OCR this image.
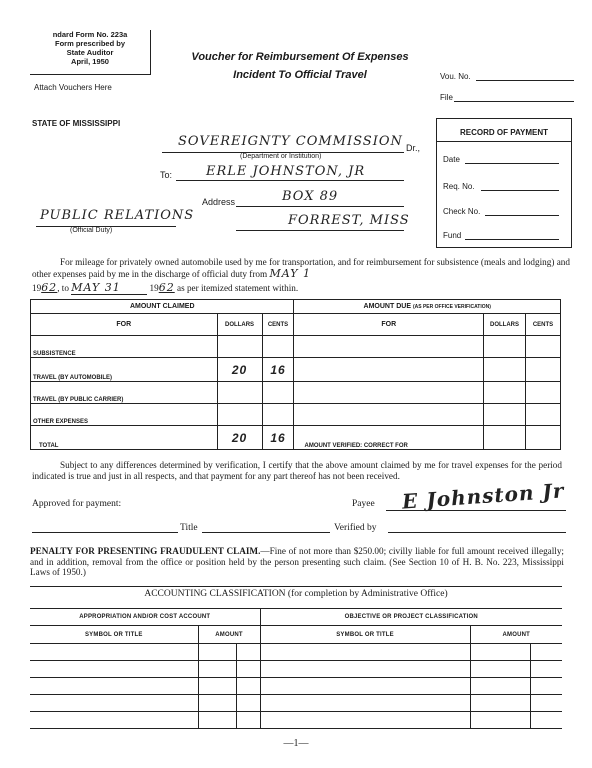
ndard Form No. 223a
Form prescribed by
State Auditor
April, 1950
Attach Vouchers Here
Voucher for Reimbursement Of Expenses
Incident To Official Travel	Vou. No.
File
STATE OF MISSISSIPPI
SOVEREIGNTY COMMISSION Dr.,
(Department or Institution)
To:	ERLE JOHNSTON, JR
Address	BOX 89
FORREST, MISS
PUBLIC RELATIONS
(Official Duty)
RECORD OF PAYMENT
Date
Req. No.
Check No.
Fund
For mileage for privately owned automobile used by me for transportation, and for reimbursement for subsistence (meals and lodging) and other expenses paid by me in the discharge of official duty from MAY 1
1962, to MAY 31	1962 as per itemized statement within.
AMOUNT CLAIMED			AMOUNT DUE (AS PER OFFICE VERIFICATION)		
FOR	DOLLARS	CENTS	FOR	DOLLARS	CENTS
SUBSISTENCE					
TRAVEL (BY AUTOMOBILE)	20	16			
TRAVEL (BY PUBLIC CARRIER)					
OTHER EXPENSES					
TOTAL	20	16	AMOUNT VERIFIED: CORRECT FOR		
Subject to any differences determined by verification, I certify that the above amount claimed by me for travel expenses for the period indicated is true and just in all respects, and that payment for any part thereof has not been received.
Approved for payment:	Payee E Johnston Jr
Title	Verified by
PENALTY FOR PRESENTING FRAUDULENT CLAIM.—Fine of not more than $250.00; civilly liable for full amount received illegally; and in addition, removal from the office or position held by the person presenting such claim. (See Section 10 of H. B. No. 223, Mississippi Laws of 1950.)
ACCOUNTING CLASSIFICATION (for completion by Administrative Office)
APPROPRIATION AND/OR COST ACCOUNT			OBJECTIVE OR PROJECT CLASSIFICATION		
SYMBOL OR TITLE	AMOUNT		SYMBOL OR TITLE	AMOUNT	

—1—
